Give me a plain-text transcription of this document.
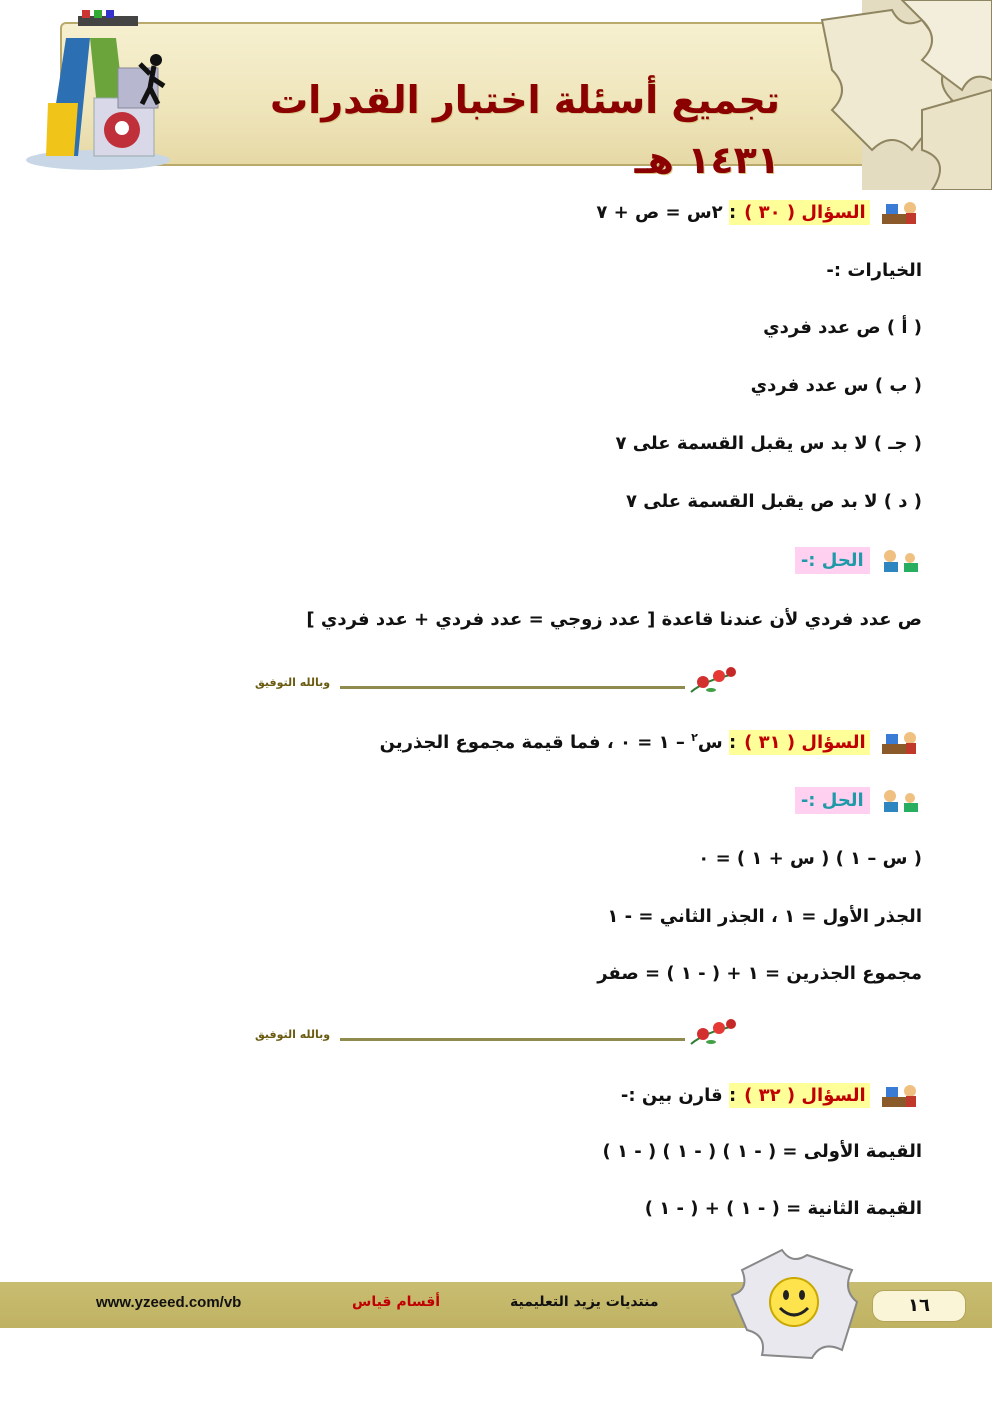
تجميع أسئلة اختبار القدرات ١٤٣١ هـ
السؤال ( ٣٠ ): ٢س = ص + ٧
الخيارات :-
( أ ) ص عدد فردي
( ب ) س عدد فردي
( جـ ) لا بد س يقبل القسمة على ٧
( د ) لا بد ص يقبل القسمة على ٧
الحل :-
ص عدد فردي لأن عندنا قاعدة [ عدد زوجي = عدد فردي + عدد فردي ]
وبالله التوفيق
السؤال ( ٣١ ): س$^٢$ – ١ = ٠ ، فما قيمة مجموع الجذرين
الحل :-
( س – ١ ) ( س + ١ ) = ٠
الجذر الأول = ١ ، الجذر الثاني = - ١
مجموع الجذرين = ١ + ( - ١ ) = صفر
وبالله التوفيق
السؤال ( ٣٢ ): قارن بين :-
القيمة الأولى = ( - ١ ) ( - ١ ) ( - ١ )
القيمة الثانية = ( - ١ ) + ( - ١ )
www.yzeeed.com/vb	أقسام قياس	منتديات يزيد التعليمية	١٦
